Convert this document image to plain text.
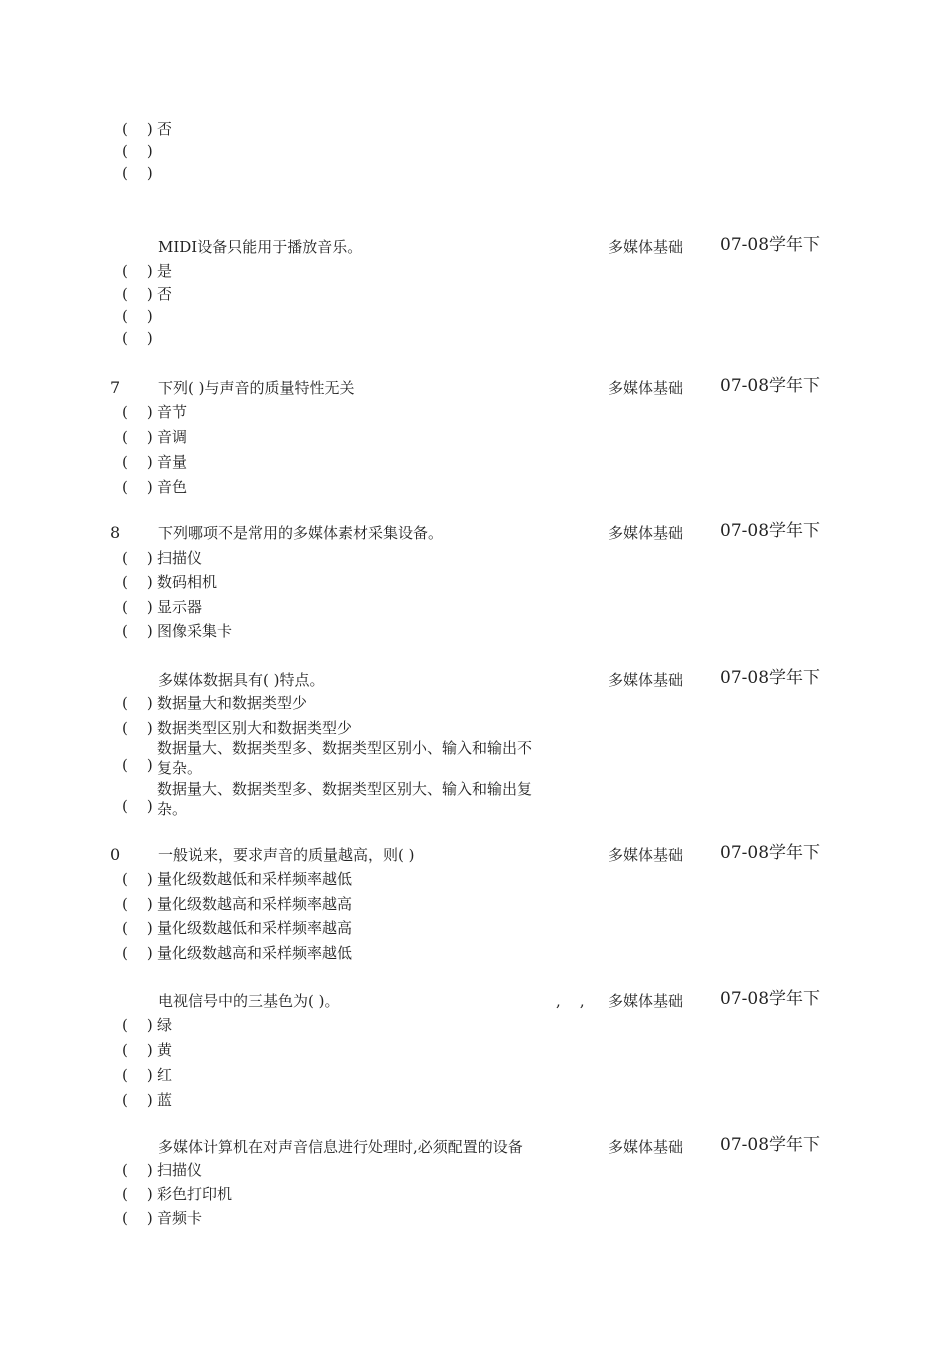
(    ) 否
(    )
(    )
MIDI设备只能用于播放音乐。	多媒体基础 07-08学年下
(    ) 是
(    ) 否
(    )
(    )
7	下列( )与声音的质量特性无关	多媒体基础 07-08学年下
(    ) 音节
(    ) 音调
(    ) 音量
(    ) 音色
8	下列哪项不是常用的多媒体素材采集设备。	多媒体基础 07-08学年下
(    ) 扫描仪
(    ) 数码相机
(    ) 显示器
(    ) 图像采集卡
多媒体数据具有( )特点。	多媒体基础 07-08学年下
(    ) 数据量大和数据类型少
(    ) 数据类型区别大和数据类型少
(    )
数据量大、数据类型多、数据类型区别小、输入和输出不复杂。
(    )
数据量大、数据类型多、数据类型区别大、输入和输出复杂。
0	一般说来，要求声音的质量越高，则( )	多媒体基础 07-08学年下
(    ) 量化级数越低和采样频率越低
(    ) 量化级数越高和采样频率越高
(    ) 量化级数越低和采样频率越高
(    ) 量化级数越高和采样频率越低
电视信号中的三基色为( )。	,    , 多媒体基础 07-08学年下
(    ) 绿
(    ) 黄
(    ) 红
(    ) 蓝
多媒体计算机在对声音信息进行处理时,必须配置的设备	多媒体基础 07-08学年下
(    ) 扫描仪
(    ) 彩色打印机
(    ) 音频卡
